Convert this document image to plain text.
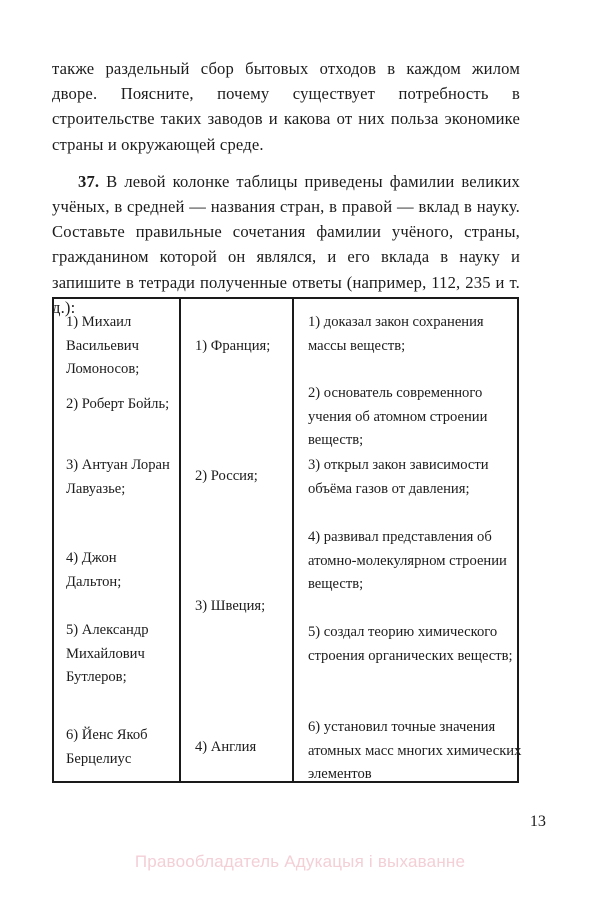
также раздельный сбор бытовых отходов в каждом жилом дворе. Поясните, почему существует потребность в строительстве таких заводов и какова от них польза экономике страны и окружающей среде.

37. В левой колонке таблицы приведены фамилии великих учёных, в средней — названия стран, в правой — вклад в науку. Составьте правильные сочетания фамилии учёного, страны, гражданином которой он являлся, и его вклада в науку и запишите в тетради полученные ответы (например, 112, 235 и т. д.):

1) Михаил Васильевич Ломоносов;
2) Роберт Бойль;
3) Антуан Лоран Лавуазье;
4) Джон Дальтон;
5) Александр Михайлович Бутлеров;
6) Йенс Якоб Берцелиус
1) Франция;
2) Россия;
3) Швеция;
4) Англия
1) доказал закон сохранения массы веществ;
2) основатель современного учения об атомном строении веществ;
3) открыл закон зависимости объёма газов от давления;
4) развивал представления об атомно-молекулярном строении веществ;
5) создал теорию химического строения органических веществ;
6) установил точные значения атомных масс многих химических элементов
13
Правообладатель Адукацыя і выхаванне
